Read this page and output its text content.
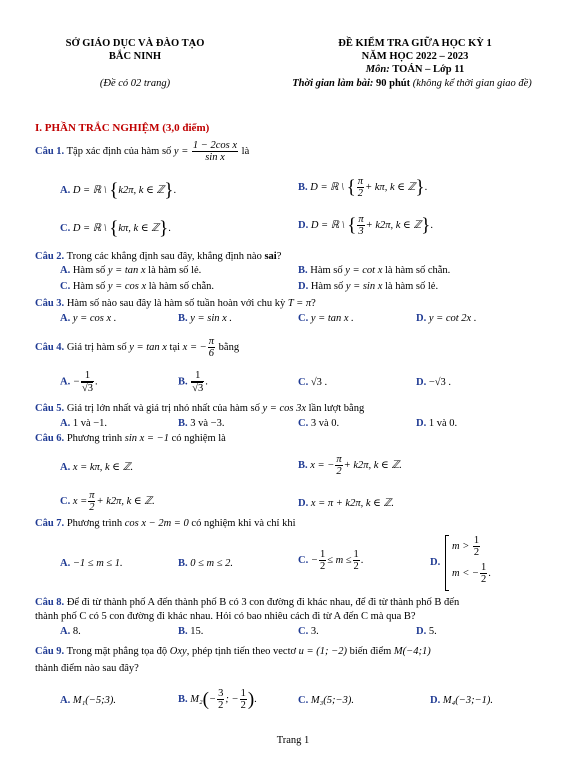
SỞ GIÁO DỤC VÀ ĐÀO TẠO
BẮC NINH
(Đề có 02 trang)
ĐỀ KIỂM TRA GIỮA HỌC KỲ 1
NĂM HỌC 2022 – 2023
Môn: TOÁN – Lớp 11
Thời gian làm bài: 90 phút (không kể thời gian giao đề)
I. PHẦN TRẮC NGHIỆM (3,0 điểm)
Câu 1. Tập xác định của hàm số $y = \frac{\text{1 − 2cos x}}{\text{sin x}}$ là
A. D = ℝ \ {k2π, k ∈ ℤ}.	B. D = ℝ \ { $\frac{\pi}{2} + k\pi$, k ∈ ℤ}.
C. D = ℝ \ {kπ, k ∈ ℤ}.	D. D = ℝ \ { $\frac{\pi}{3} + k2\pi$, k ∈ ℤ}.
Câu 2. Trong các khẳng định sau đây, khẳng định nào sai?
A. Hàm số y = tan x là hàm số lẻ.	B. Hàm số y = cot x là hàm số chẵn.
C. Hàm số y = cos x là hàm số chẵn.	D. Hàm số y = sin x là hàm số lẻ.
Câu 3. Hàm số nào sau đây là hàm số tuần hoàn với chu kỳ T = π?
A. y = cos x .	B. y = sin x .	C. y = tan x .	D. y = cot 2x .
Câu 4. Giá trị hàm số y = tan x tại x = − $\frac{\pi}{6}$ bằng
A. − $\frac{1}{√3}$ .	B. $\frac{1}{√3}$ .	C. √3 .	D. −√3 .
Câu 5. Giá trị lớn nhất và giá trị nhỏ nhất của hàm số y = cos 3x lần lượt bằng
A. 1 và −1.	B. 3 và −3.	C. 3 và 0.	D. 1 và 0.
Câu 6. Phương trình sin x = −1 có nghiệm là
A. x = kπ, k ∈ ℤ.	B. x = − $\frac{\pi}{2} + k2\pi$, k ∈ ℤ.
C. $x = \frac{\pi}{2} + k2\pi$, k ∈ ℤ.	D. x = π + k2π, k ∈ ℤ.
Câu 7. Phương trình cos x − 2m = 0 có nghiệm khi và chỉ khi
A. −1 ≤ m ≤ 1.	B. 0 ≤ m ≤ 2.	C. − $\frac{1}{2} \le m \le \frac{1}{2}$ .	D.
$m > \frac{1}{2}$
m < − $\frac{1}{2}$ .
Câu 8. Để đi từ thành phố A đến thành phố B có 3 con đường đi khác nhau, để đi từ thành phố B đến
thành phố C có 5 con đường đi khác nhau. Hỏi có bao nhiêu cách đi từ A đến C mà qua B?
A. 8.	B. 15.	C. 3.	D. 5.
Câu 9. Trong mặt phẳng tọa độ Oxy, phép tịnh tiến theo vectơ u = (1; −2) biến điểm M(−4;1)
thành điểm nào sau đây?
A. M₁(−5;3).	B. $M_2(- \frac{3}{2}$ ; − $\frac{1}{2}$ ).	C. M₃(5;−3).	D. M₄(−3;−1).
Trang 1
